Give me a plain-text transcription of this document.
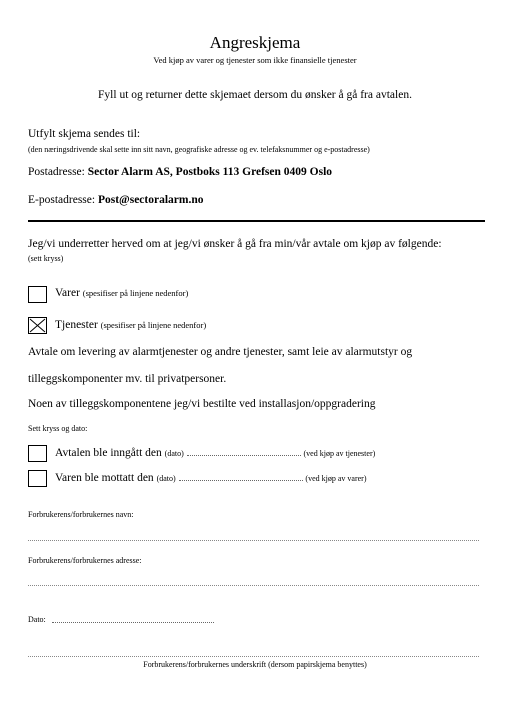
Angreskjema
Ved kjøp av varer og tjenester som ikke finansielle tjenester
Fyll ut og returner dette skjemaet dersom du ønsker å gå fra avtalen.
Utfylt skjema sendes til:
(den næringsdrivende skal sette inn sitt navn, geografiske adresse og ev. telefaksnummer og e-postadresse)
Postadresse: Sector Alarm AS, Postboks 113 Grefsen 0409 Oslo
E-postadresse: Post@sectoralarm.no
Jeg/vi underretter herved om at jeg/vi ønsker å gå fra min/vår avtale om kjøp av følgende:
(sett kryss)
Varer (spesifiser på linjene nedenfor)
Tjenester (spesifiser på linjene nedenfor)
Avtale om levering av alarmtjenester og andre tjenester, samt leie av alarmutstyr og
tilleggskomponenter mv. til privatpersoner.
Noen av tilleggskomponentene jeg/vi bestilte ved installasjon/oppgradering
Sett kryss og dato:
Avtalen ble inngått den (dato)	(ved kjøp av tjenester)
Varen ble mottatt den (dato)	(ved kjøp av varer)
Forbrukerens/forbrukernes navn:
Forbrukerens/forbrukernes adresse:
Dato:
Forbrukerens/forbrukernes underskrift (dersom papirskjema benyttes)
